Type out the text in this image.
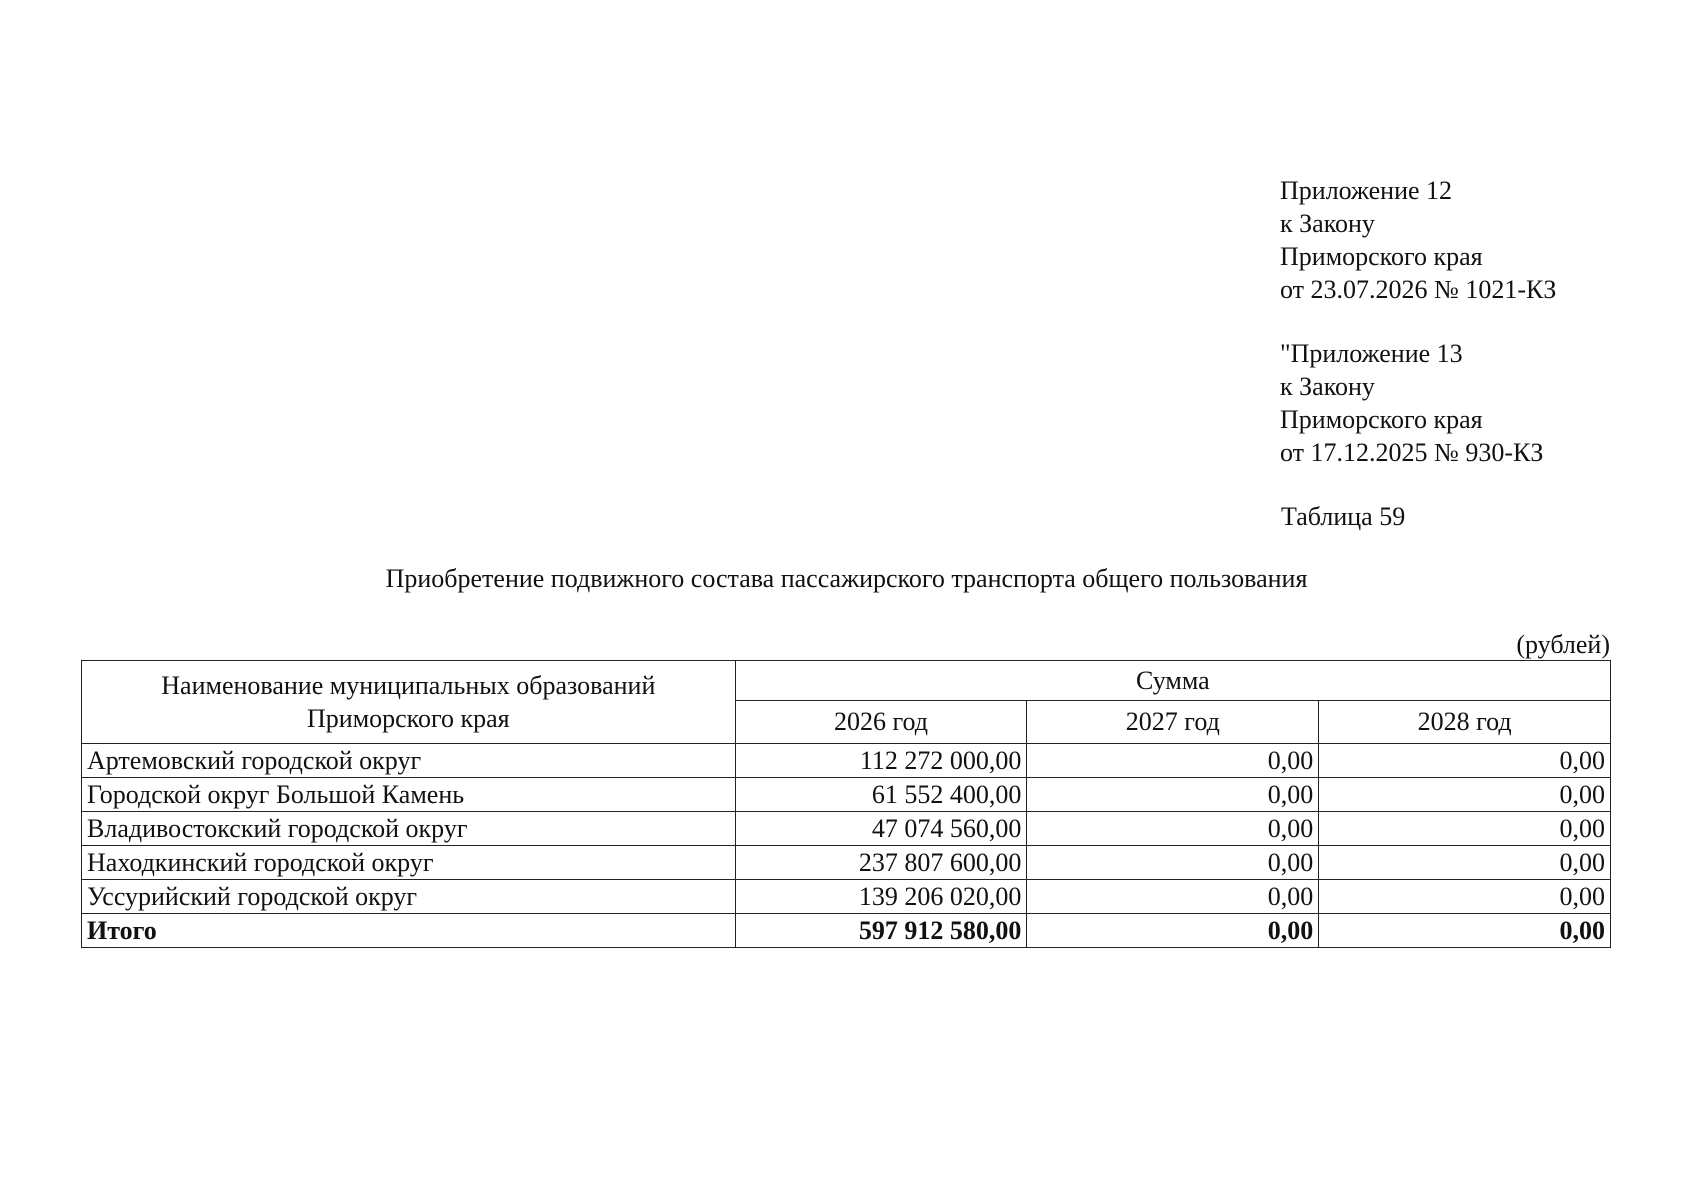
Приложение 12
к Закону
Приморского края
от 23.07.2026 № 1021-КЗ
"Приложение 13
к Закону
Приморского края
от 17.12.2025 № 930-КЗ
Таблица 59
Приобретение подвижного состава пассажирского транспорта общего пользования
(рублей)
Наименование муниципальных образований
Приморского края	Сумма		
	2026 год	2027 год	2028 год
Артемовский городской округ	112 272 000,00	0,00	0,00
Городской округ Большой Камень	61 552 400,00	0,00	0,00
Владивостокский городской округ	47 074 560,00	0,00	0,00
Находкинский городской округ	237 807 600,00	0,00	0,00
Уссурийский городской округ	139 206 020,00	0,00	0,00
Итого	597 912 580,00	0,00	0,00
